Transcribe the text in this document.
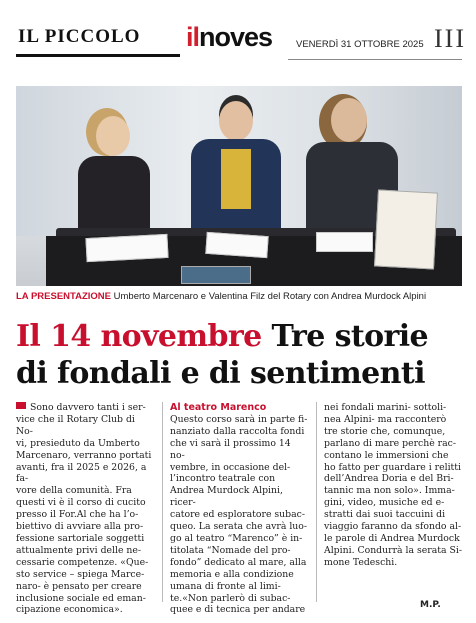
IL PICCOLO	ilnoves	VENERDÌ 31 OTTOBRE 2025 III
LA PRESENTAZIONE Umberto Marcenaro e Valentina Filz del Rotary con Andrea Murdock Alpini
Il 14 novembre Tre storie
di fondali e di sentimenti
Sono davvero tanti i ser-
vice che il Rotary Club di No-
vi, presieduto da Umberto
Marcenaro, verranno portati
avanti, fra il 2025 e 2026, a fa-
vore della comunità. Fra
questi vi è il corso di cucito
presso il For.Al che ha l’o-
biettivo di avviare alla pro-
fessione sartoriale soggetti
attualmente privi delle ne-
cessarie competenze. «Que-
sto service – spiega Marce-
naro- è pensato per creare
inclusione sociale ed eman-
cipazione economica».
Al teatro Marenco
Questo corso sarà in parte fi-
nanziato dalla raccolta fondi
che vi sarà il prossimo 14 no-
vembre, in occasione del-
l’incontro teatrale con
Andrea Murdock Alpini, ricer-
catore ed esploratore subac-
queo. La serata che avrà luo-
go al teatro “Marenco” è in-
titolata “Nomade del pro-
fondo” dedicato al mare, alla
memoria e alla condizione
umana di fronte al limi-
te.«Non parlerò di subac-
quee e di tecnica per andare
nei fondali marini- sottoli-
nea Alpini- ma racconterò
tre storie che, comunque,
parlano di mare perchè rac-
contano le immersioni che
ho fatto per guardare i relitti
dell’Andrea Doria e del Bri-
tannic ma non solo». Imma-
gini, video, musiche ed e-
stratti dai suoi taccuini di
viaggio faranno da sfondo al-
le parole di Andrea Murdock
Alpini. Condurrà la serata Si-
mone Tedeschi.
M.P.
